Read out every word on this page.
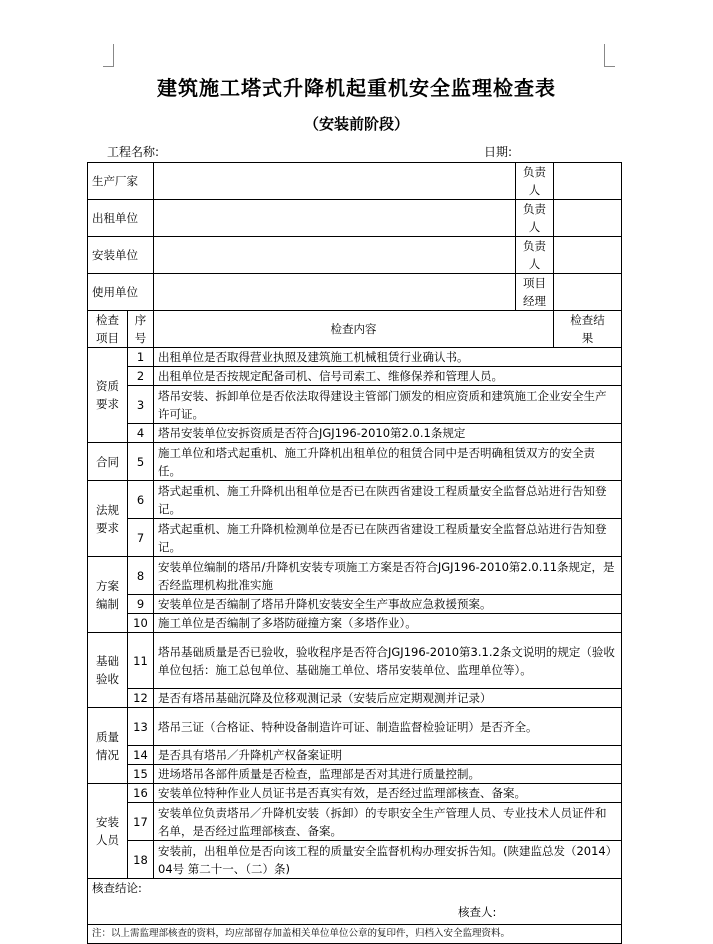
建筑施工塔式升降机起重机安全监理检查表
（安装前阶段）
工程名称:	日期:
生产厂家			负责人		
出租单位			负责人		
安装单位			负责人		
使用单位			项目经理		
检查项目	序号	检查内容		检查结果	
资质要求	1	出租单位是否取得营业执照及建筑施工机械租赁行业确认书。			
	2	出租单位是否按规定配备司机、信号司索工、维修保养和管理人员。			
	3	塔吊安装、拆卸单位是否依法取得建设主管部门颁发的相应资质和建筑施工企业安全生产许可证。			
	4	塔吊安装单位安拆资质是否符合JGJ196-2010第2.0.1条规定			
合同	5	施工单位和塔式起重机、施工升降机出租单位的租赁合同中是否明确租赁双方的安全责任。			
法规要求	6	塔式起重机、施工升降机出租单位是否已在陕西省建设工程质量安全监督总站进行告知登记。			
	7	塔式起重机、施工升降机检测单位是否已在陕西省建设工程质量安全监督总站进行告知登记。			
方案编制	8	安装单位编制的塔吊/升降机安装专项施工方案是否符合JGJ196-2010第2.0.11条规定，是否经监理机构批准实施			
	9	安装单位是否编制了塔吊升降机安装安全生产事故应急救援预案。			
	10	施工单位是否编制了多塔防碰撞方案（多塔作业）。			
基础验收	11	塔吊基础质量是否已验收，验收程序是否符合JGJ196-2010第3.1.2条文说明的规定（验收单位包括：施工总包单位、基础施工单位、塔吊安装单位、监理单位等）。			
	12	是否有塔吊基础沉降及位移观测记录（安装后应定期观测并记录）			
质量情况	13	塔吊三证（合格证、特种设备制造许可证、制造监督检验证明）是否齐全。			
	14	是否具有塔吊／升降机产权备案证明			
	15	进场塔吊各部件质量是否检查，监理部是否对其进行质量控制。			
安装人员	16	安装单位特种作业人员证书是否真实有效，是否经过监理部核查、备案。			
	17	安装单位负责塔吊／升降机安装（拆卸）的专职安全生产管理人员、专业技术人员证件和名单，是否经过监理部核查、备案。			
	18	安装前，出租单位是否向该工程的质量安全监督机构办理安拆告知。(陕建监总发（2014）04号 第二十一、（二）条)			

核查结论:
核查人:					

注：以上需监理部核查的资料，均应部留存加盖相关单位单位公章的复印件，归档入安全监理资料。					
